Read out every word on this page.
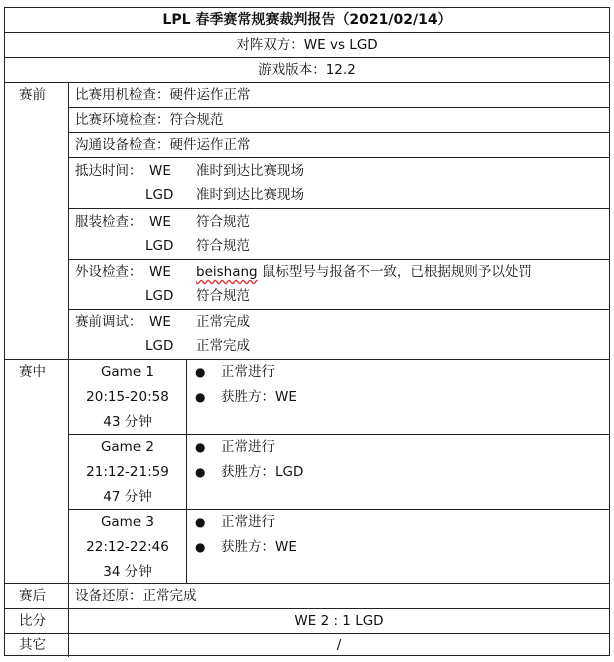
LPL 春季赛常规赛裁判报告（2021/02/14）
对阵双方：WE vs LGD
游戏版本：12.2
赛前 比赛用机检查：硬件运作正常
比赛环境检查：符合规范
沟通设备检查：硬件运作正常
抵达时间： WE 准时到达比赛现场
LGD 准时到达比赛现场
服装检查： WE 符合规范
LGD 符合规范
外设检查： WE beishang 鼠标型号与报备不一致，已根据规则予以处罚
LGD 符合规范
赛前调试： WE 正常完成
LGD 正常完成
赛中	Game 1
20:15-20:58
43 分钟
● 正常进行
● 获胜方：WE
Game 2
21:12-21:59
47 分钟
● 正常进行
● 获胜方：LGD
Game 3
22:12-22:46
34 分钟
● 正常进行
● 获胜方：WE
赛后 设备还原：正常完成
比分	WE 2 : 1 LGD
其它	/
